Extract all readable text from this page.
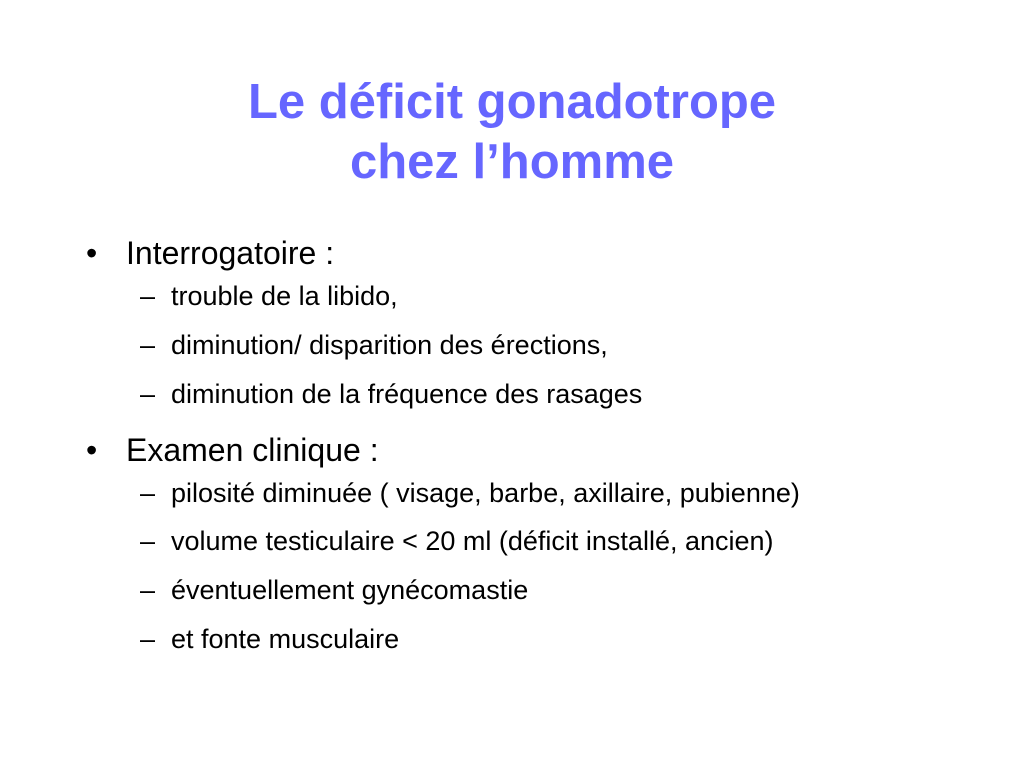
Le déficit gonadotrope
chez l’homme

• Interrogatoire :

– trouble de la libido,

– diminution/ disparition des érections,

– diminution de la fréquence des rasages

• Examen clinique :

– pilosité diminuée ( visage, barbe, axillaire, pubienne)

– volume testiculaire < 20 ml (déficit installé, ancien)

– éventuellement gynécomastie

– et fonte musculaire
